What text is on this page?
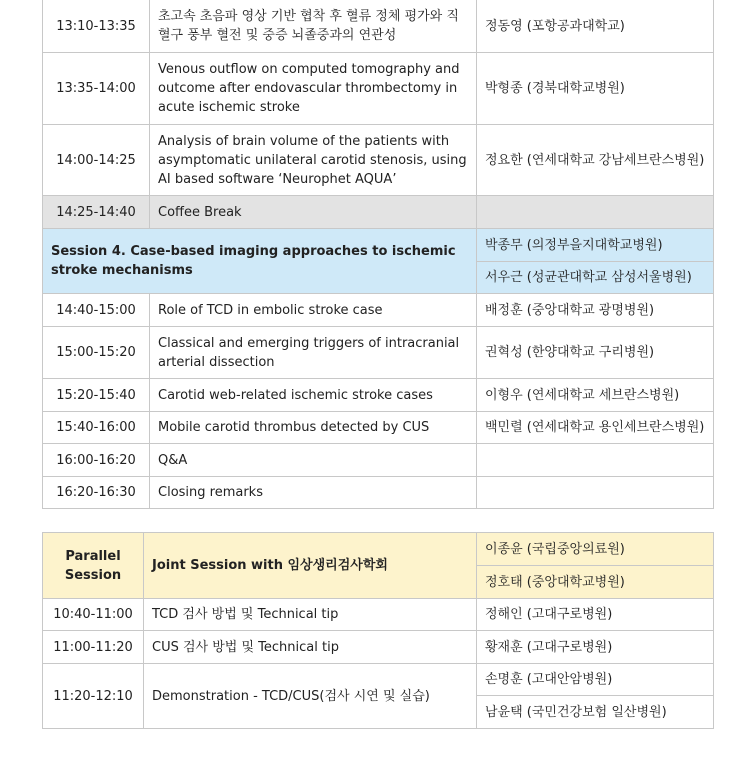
13:10-13:35	초고속 초음파 영상 기반 협착 후 혈류 정체 평가와 직혈구 풍부 혈전 및 중증 뇌졸중과의 연관성	정동영 (포항공과대학교)
13:35-14:00	Venous outflow on computed tomography and outcome after endovascular thrombectomy in acute ischemic stroke	박형종 (경북대학교병원)
14:00-14:25	Analysis of brain volume of the patients with asymptomatic unilateral carotid stenosis, using AI based software ‘Neurophet AQUA’	정요한 (연세대학교 강남세브란스병원)
14:25-14:40	Coffee Break	
Session 4. Case-based imaging approaches to ischemic stroke mechanisms		박종무 (의정부을지대학교병원)
		서우근 (성균관대학교 삼성서울병원)
14:40-15:00	Role of TCD in embolic stroke case	배정훈 (중앙대학교 광명병원)
15:00-15:20	Classical and emerging triggers of intracranial arterial dissection	권혁성 (한양대학교 구리병원)
15:20-15:40	Carotid web-related ischemic stroke cases	이형우 (연세대학교 세브란스병원)
15:40-16:00	Mobile carotid thrombus detected by CUS	백민렬 (연세대학교 용인세브란스병원)
16:00-16:20	Q&A	
16:20-16:30	Closing remarks	
Parallel Session	Joint Session with 임상생리검사학회	이종윤 (국립중앙의료원)
		정호태 (중앙대학교병원)
10:40-11:00	TCD 검사 방법 및 Technical tip	정해인 (고대구로병원)
11:00-11:20	CUS 검사 방법 및 Technical tip	황재훈 (고대구로병원)
11:20-12:10	Demonstration - TCD/CUS(검사 시연 및 실습)	손명훈 (고대안암병원)
		남윤택 (국민건강보험 일산병원)
